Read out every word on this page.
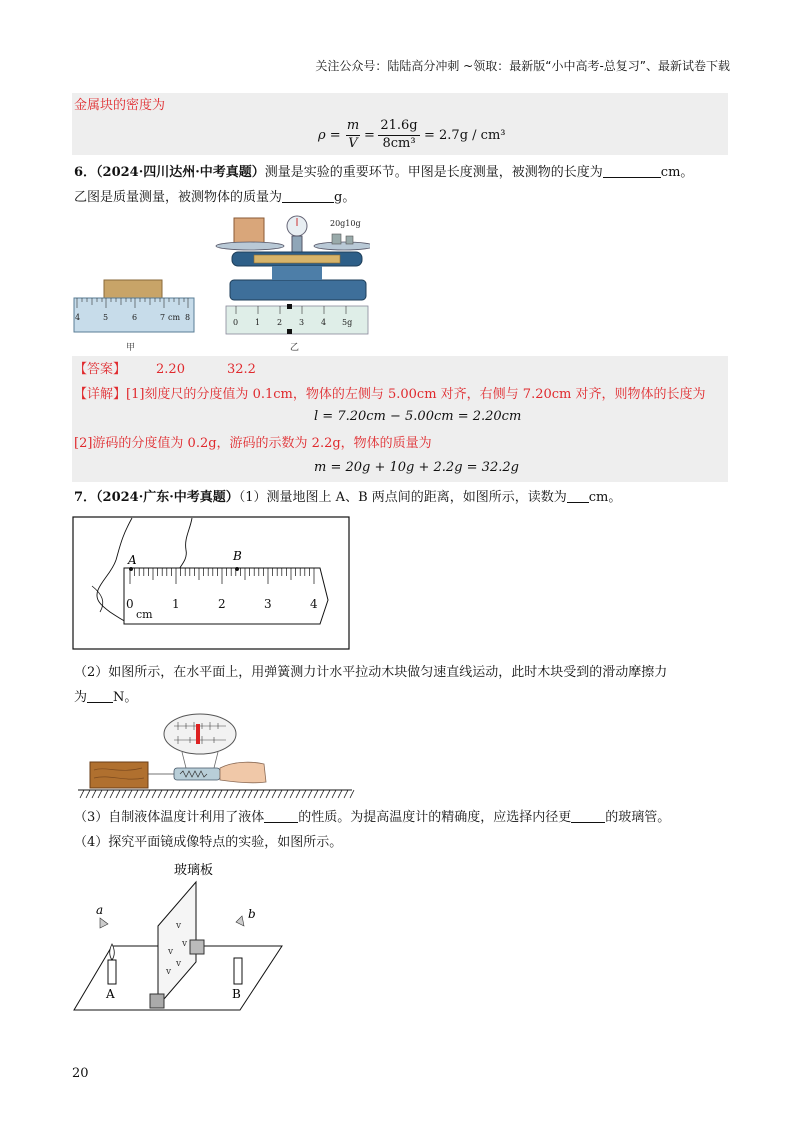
关注公众号：陆陆高分冲刺 ~领取：最新版“小中高考-总复习”、最新试卷下载
金属块的密度为
ρ =
m
V
=
21.6g
8cm³
= 2.7g / cm³
6．（2024·四川达州·中考真题）测量是实验的重要环节。甲图是长度测量，被测物的长度为	cm。
乙图是质量测量，被测物体的质量为	g。
4	5	6	7 cm 8
甲
20g10g
0 1 2 3 4 5g
乙
【答案】 2.20	32.2
【详解】[1]刻度尺的分度值为 0.1cm，物体的左侧与 5.00cm 对齐，右侧与 7.20cm 对齐，则物体的长度为
l = 7.20cm − 5.00cm = 2.20cm
[2]游码的分度值为 0.2g，游码的示数为 2.2g，物体的质量为
m = 20g + 10g + 2.2g = 32.2g
7．（2024·广东·中考真题）（1）测量地图上 A、B 两点间的距离，如图所示，读数为 cm。
A	B
0	1	2	3	4
cm
（2）如图所示，在水平面上，用弹簧测力计水平拉动木块做匀速直线运动，此时木块受到的滑动摩擦力
为 N。
（3）自制液体温度计利用了液体	的性质。为提高温度计的精确度，应选择内径更	的玻璃管。
（4）探究平面镜成像特点的实验，如图所示。
玻璃板
v
v
v
v
v
a	b
A	B
20
